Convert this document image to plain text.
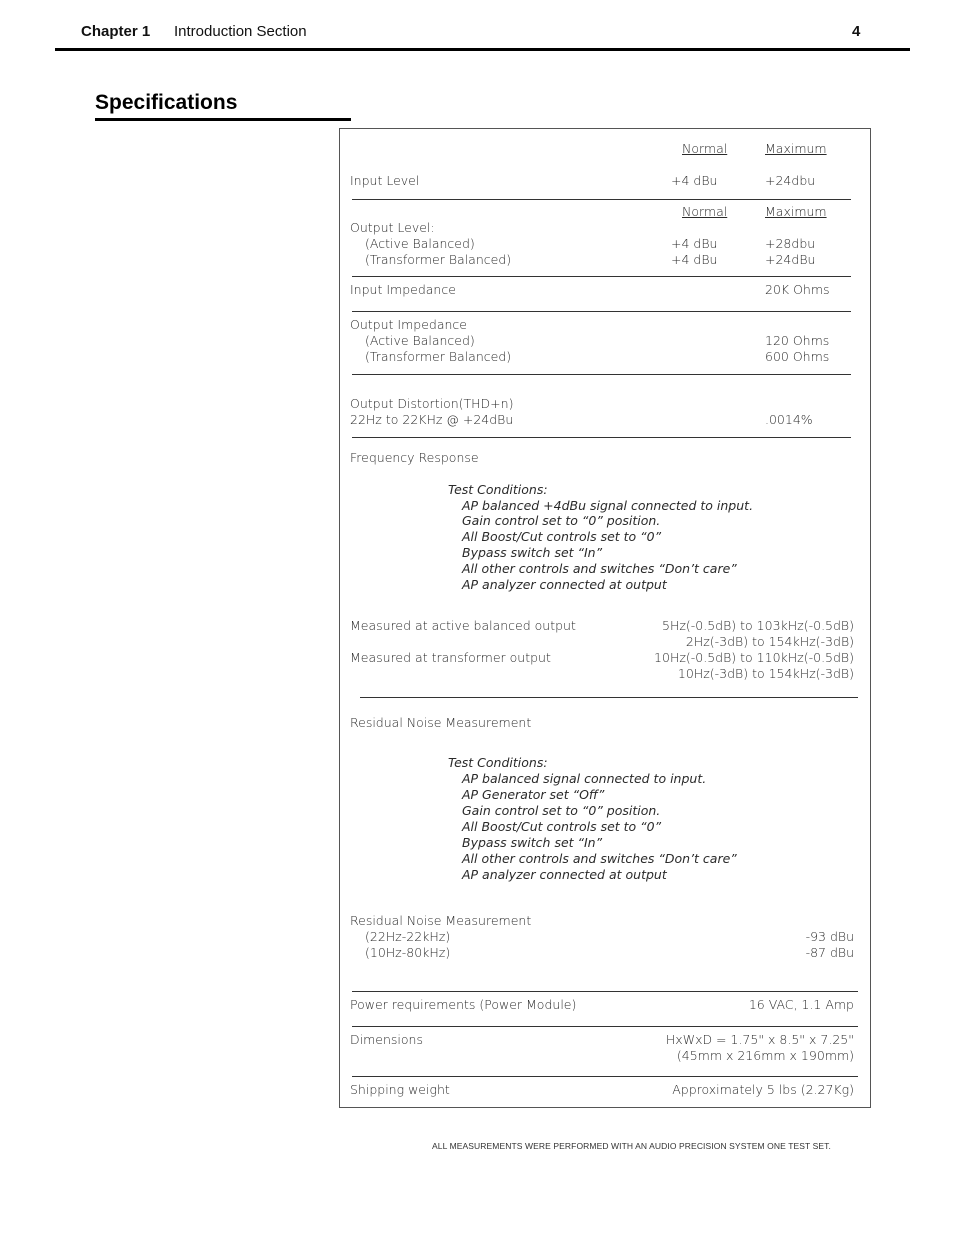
Chapter 1 Introduction Section	4
Specifications
Normal	Maximum
Input Level	+4 dBu	+24dbu
Normal	Maximum
Output Level:
(Active Balanced)	+4 dBu	+28dbu
(Transformer Balanced)	+4 dBu	+24dBu
Input Impedance	20K Ohms
Output Impedance
(Active Balanced)	120 Ohms
(Transformer Balanced)	600 Ohms
Output Distortion(THD+n)
22Hz to 22KHz @ +24dBu	.0014%
Frequency Response
Test Conditions:
AP balanced +4dBu signal connected to input.
Gain control set to “0” position.
All Boost/Cut controls set to “0”
Bypass switch set “In”
All other controls and switches “Don’t care”
AP analyzer connected at output
Measured at active balanced output	5Hz(-0.5dB) to 103kHz(-0.5dB)
2Hz(-3dB) to 154kHz(-3dB)
Measured at transformer output	10Hz(-0.5dB) to 110kHz(-0.5dB)
10Hz(-3dB) to 154kHz(-3dB)
Residual Noise Measurement
Test Conditions:
AP balanced signal connected to input.
AP Generator set “Off”
Gain control set to “0” position.
All Boost/Cut controls set to “0”
Bypass switch set “In”
All other controls and switches “Don’t care”
AP analyzer connected at output
Residual Noise Measurement
(22Hz-22kHz)	-93 dBu
(10Hz-80kHz)	-87 dBu
Power requirements (Power Module)	16 VAC, 1.1 Amp
Dimensions	HxWxD = 1.75" x 8.5" x 7.25"
(45mm x 216mm x 190mm)
Shipping weight	Approximately 5 lbs (2.27Kg)
ALL MEASUREMENTS WERE PERFORMED WITH AN AUDIO PRECISION SYSTEM ONE TEST SET.
